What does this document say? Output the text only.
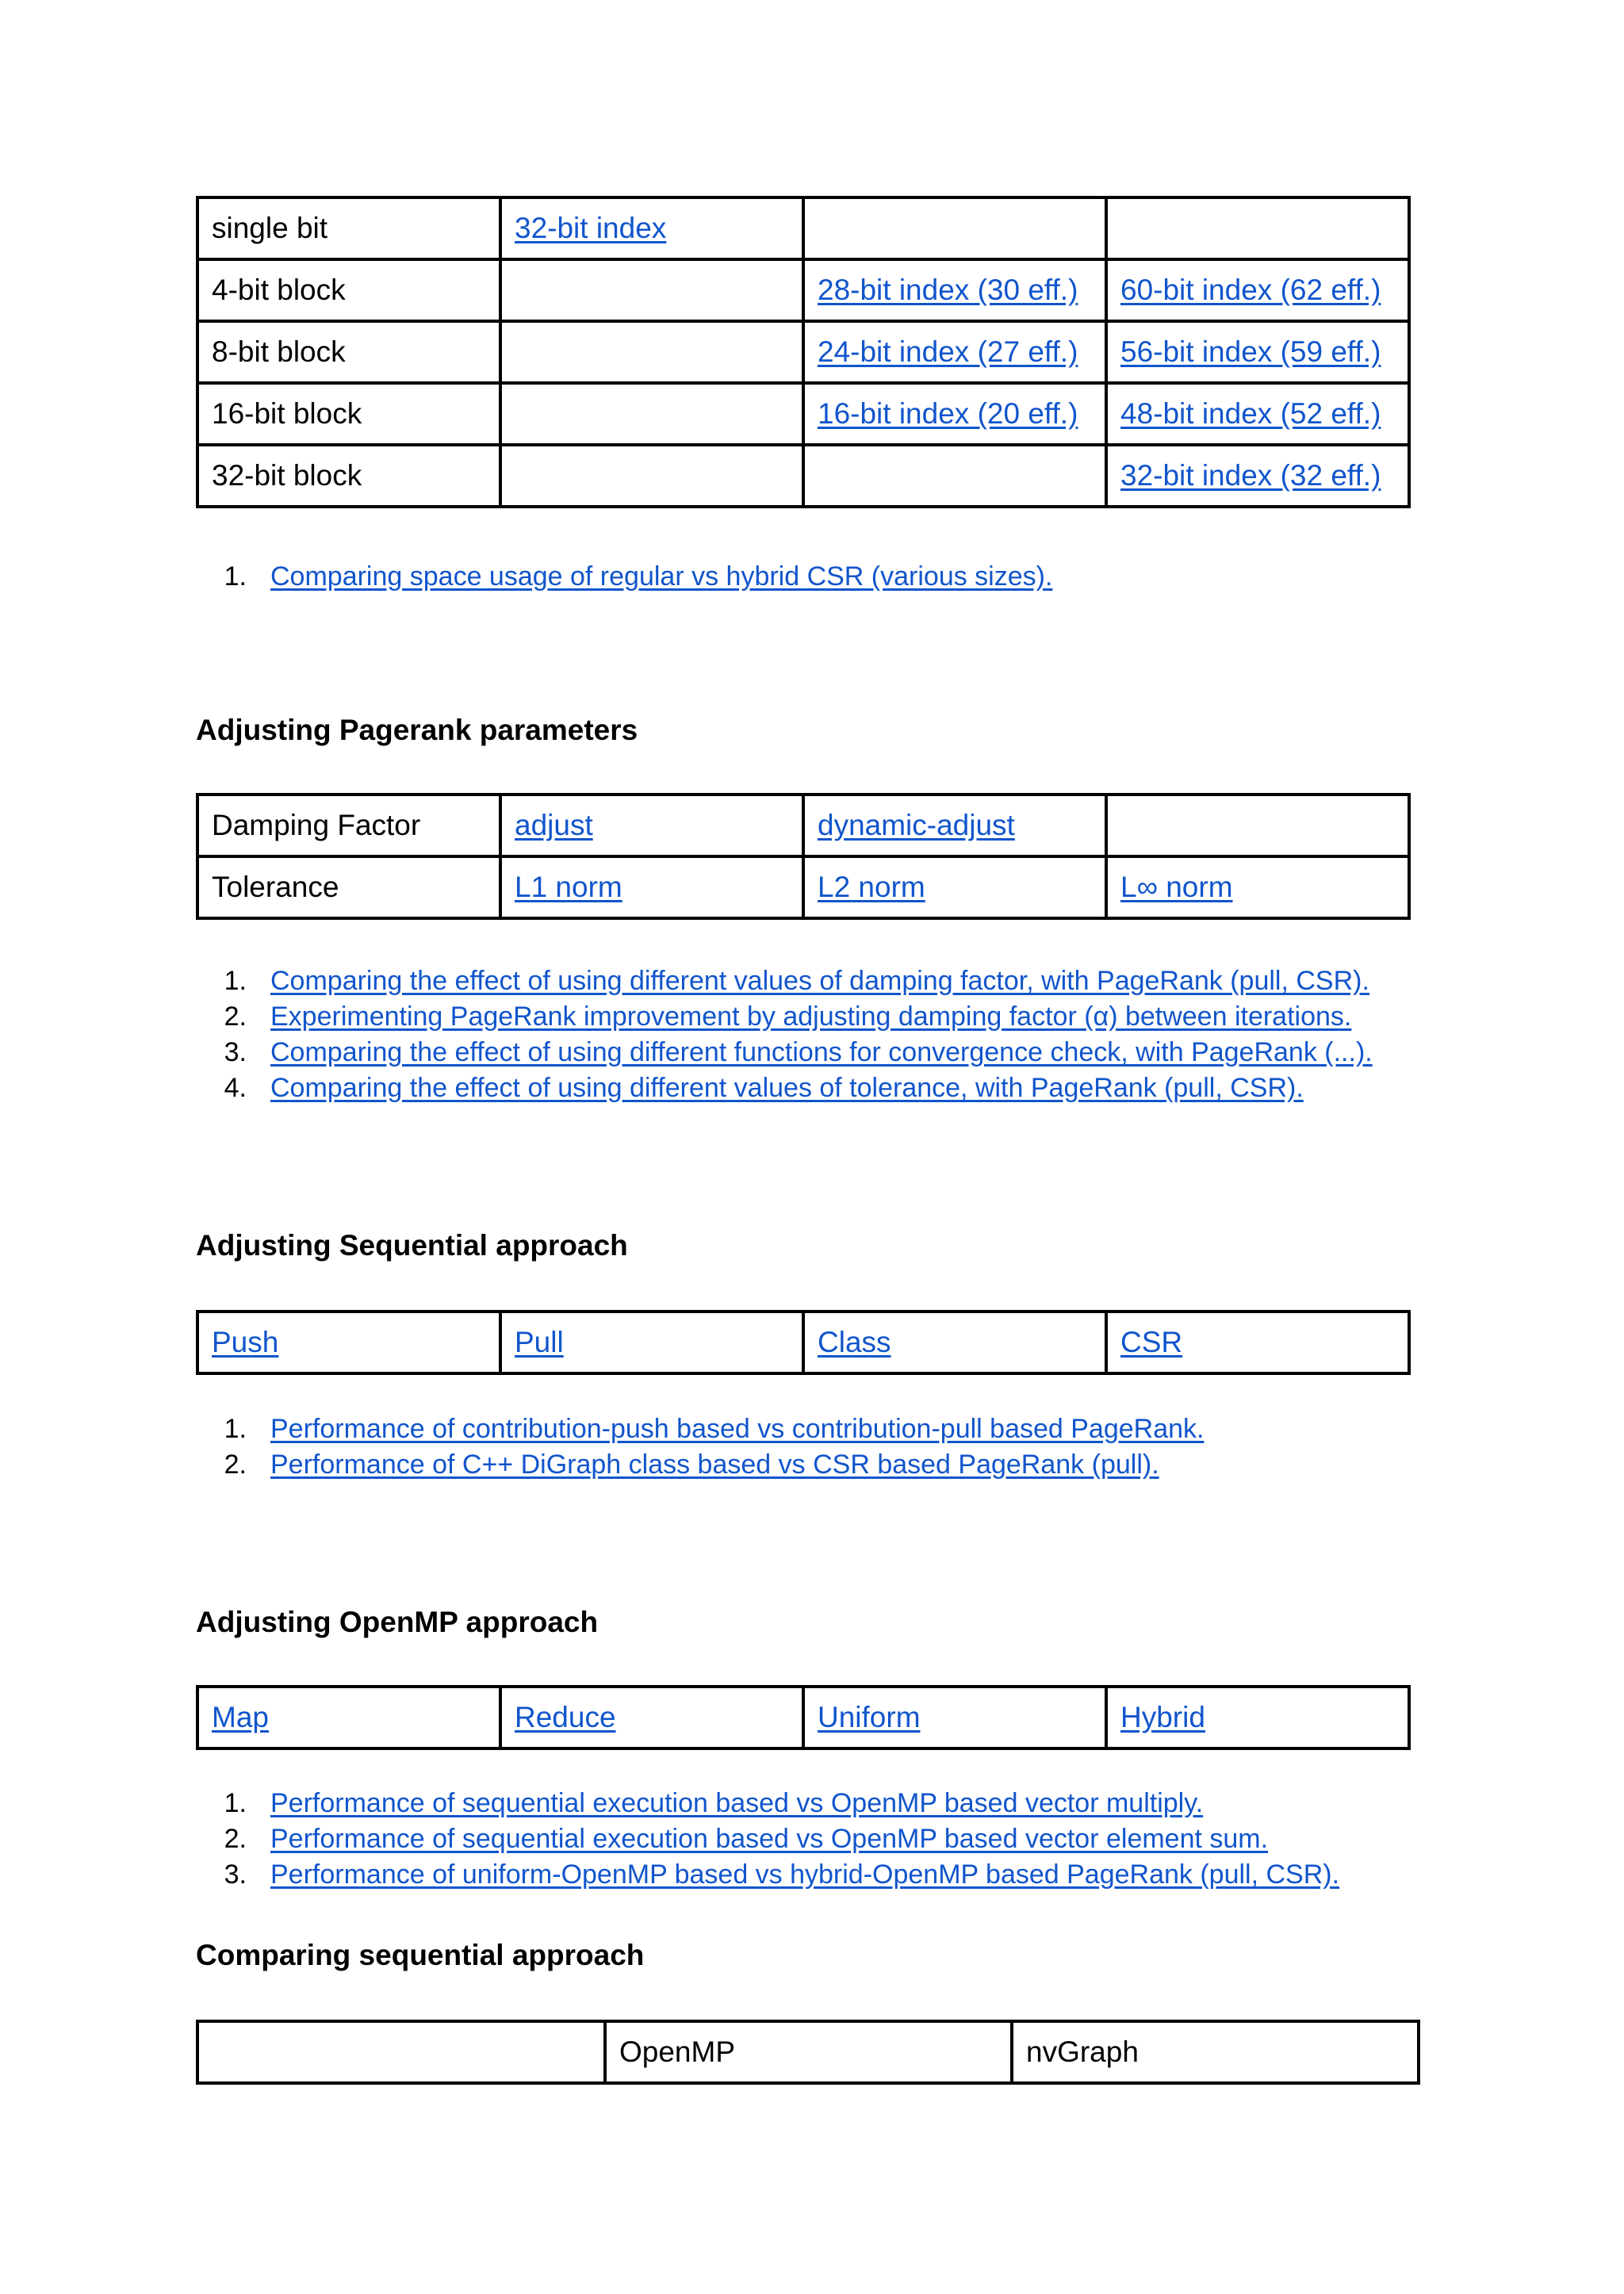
single bit	32-bit index		
4-bit block		28-bit index (30 eff.)	60-bit index (62 eff.)
8-bit block		24-bit index (27 eff.)	56-bit index (59 eff.)
16-bit block		16-bit index (20 eff.)	48-bit index (52 eff.)
32-bit block			32-bit index (32 eff.)
1. Comparing space usage of regular vs hybrid CSR (various sizes).
Adjusting Pagerank parameters
Damping Factor	adjust	dynamic-adjust	
Tolerance	L1 norm	L2 norm	L∞ norm
1. Comparing the effect of using different values of damping factor, with PageRank (pull, CSR).
2. Experimenting PageRank improvement by adjusting damping factor (α) between iterations.
3. Comparing the effect of using different functions for convergence check, with PageRank (...).
4. Comparing the effect of using different values of tolerance, with PageRank (pull, CSR).
Adjusting Sequential approach
Push	Pull	Class	CSR
1. Performance of contribution-push based vs contribution-pull based PageRank.
2. Performance of C++ DiGraph class based vs CSR based PageRank (pull).
Adjusting OpenMP approach
Map	Reduce	Uniform	Hybrid
1. Performance of sequential execution based vs OpenMP based vector multiply.
2. Performance of sequential execution based vs OpenMP based vector element sum.
3. Performance of uniform-OpenMP based vs hybrid-OpenMP based PageRank (pull, CSR).
Comparing sequential approach
	OpenMP	nvGraph
